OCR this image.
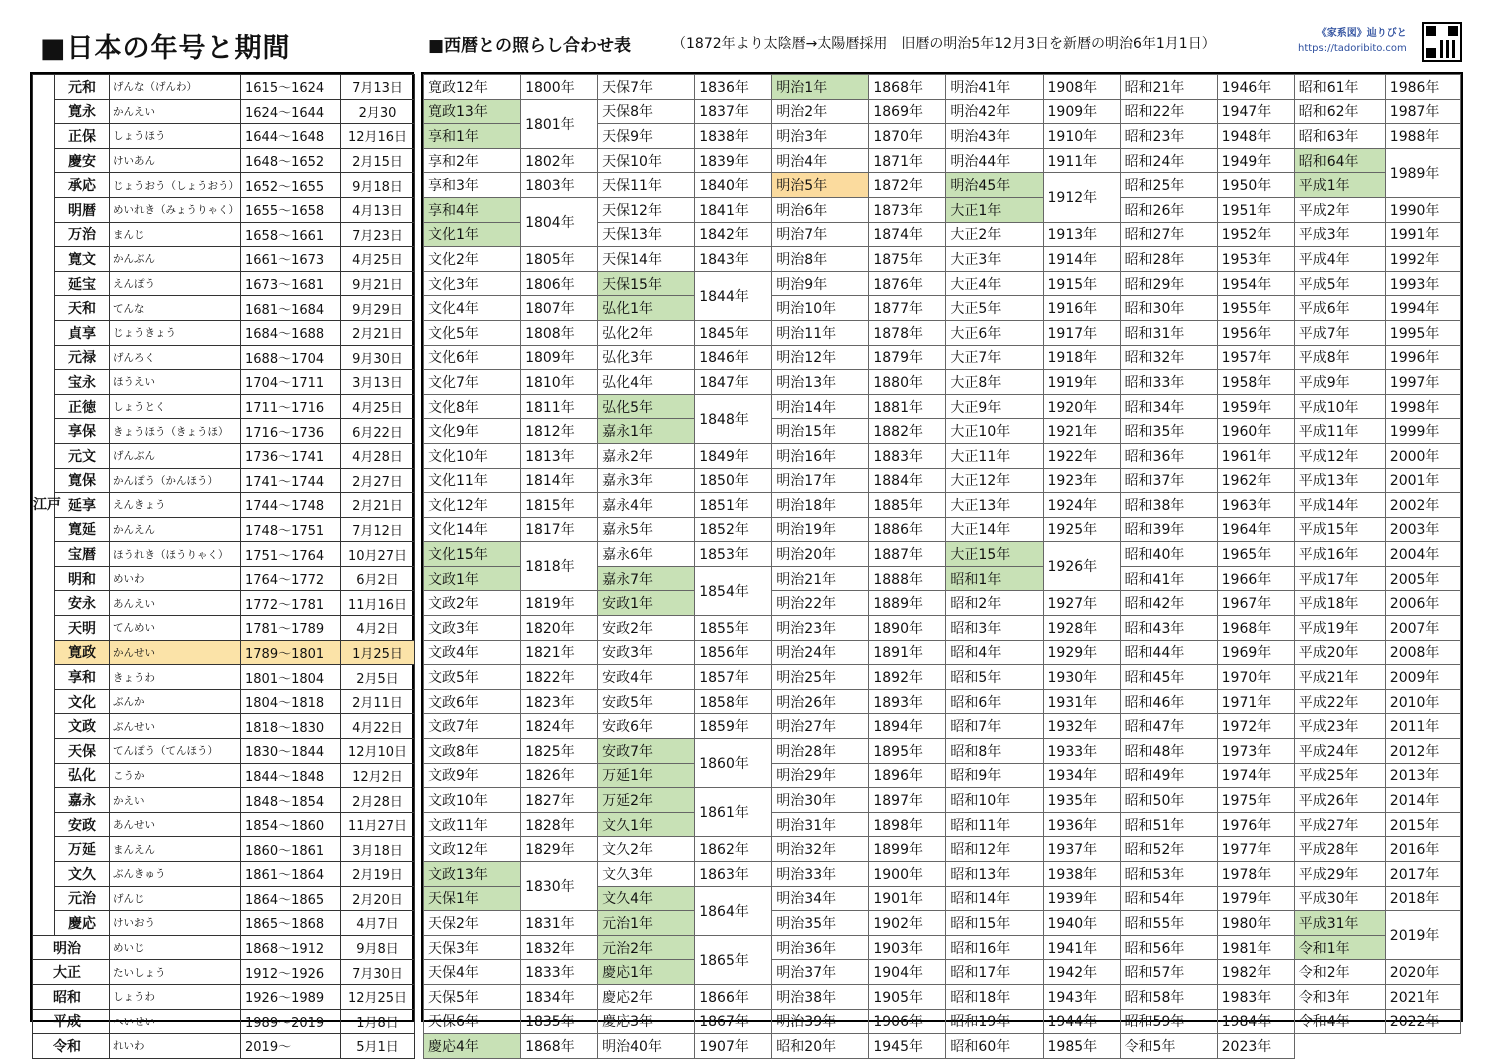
■日本の年号と期間	■西暦との照らし合わせ表	（1872年より太陰暦→太陽暦採用　旧暦の明治5年12月3日を新暦の明治6年1月1日）
《家系図》辿りびと
https://tadoribito.com
江戸	元和	げんな（げんわ）	1615～1624	7月13日
	寛永	かんえい	1624～1644	2月30
	正保	しょうほう	1644～1648	12月16日
	慶安	けいあん	1648～1652	2月15日
	承応	じょうおう（しょうおう）	1652～1655	9月18日
	明暦	めいれき（みょうりゃく）	1655～1658	4月13日
	万治	まんじ	1658～1661	7月23日
	寛文	かんぶん	1661～1673	4月25日
	延宝	えんぽう	1673～1681	9月21日
	天和	てんな	1681～1684	9月29日
	貞享	じょうきょう	1684～1688	2月21日
	元禄	げんろく	1688～1704	9月30日
	宝永	ほうえい	1704～1711	3月13日
	正徳	しょうとく	1711～1716	4月25日
	享保	きょうほう（きょうほ）	1716～1736	6月22日
	元文	げんぶん	1736～1741	4月28日
	寛保	かんぽう（かんほう）	1741～1744	2月27日
	延享	えんきょう	1744～1748	2月21日
	寛延	かんえん	1748～1751	7月12日
	宝暦	ほうれき（ほうりゃく）	1751～1764	10月27日
	明和	めいわ	1764～1772	6月2日
	安永	あんえい	1772～1781	11月16日
	天明	てんめい	1781～1789	4月2日
	寛政	かんせい	1789～1801	1月25日
	享和	きょうわ	1801～1804	2月5日
	文化	ぶんか	1804～1818	2月11日
	文政	ぶんせい	1818～1830	4月22日
	天保	てんぽう（てんほう）	1830～1844	12月10日
	弘化	こうか	1844～1848	12月2日
	嘉永	かえい	1848～1854	2月28日
	安政	あんせい	1854～1860	11月27日
	万延	まんえん	1860～1861	3月18日
	文久	ぶんきゅう	1861～1864	2月19日
	元治	げんじ	1864～1865	2月20日
	慶応	けいおう	1865～1868	4月7日
明治		めいじ	1868～1912	9月8日
大正		たいしょう	1912～1926	7月30日
昭和		しょうわ	1926～1989	12月25日
平成		へいせい	1989～2019	1月8日
令和		れいわ	2019～	5月1日
寛政12年	1800年	天保7年	1836年	明治1年	1868年	明治41年	1908年	昭和21年	1946年	昭和61年	1986年
寛政13年	1801年	天保8年	1837年	明治2年	1869年	明治42年	1909年	昭和22年	1947年	昭和62年	1987年
享和1年		天保9年	1838年	明治3年	1870年	明治43年	1910年	昭和23年	1948年	昭和63年	1988年
享和2年	1802年	天保10年	1839年	明治4年	1871年	明治44年	1911年	昭和24年	1949年	昭和64年	1989年
享和3年	1803年	天保11年	1840年	明治5年	1872年	明治45年	1912年	昭和25年	1950年	平成1年	
享和4年	1804年	天保12年	1841年	明治6年	1873年	大正1年		昭和26年	1951年	平成2年	1990年
文化1年		天保13年	1842年	明治7年	1874年	大正2年	1913年	昭和27年	1952年	平成3年	1991年
文化2年	1805年	天保14年	1843年	明治8年	1875年	大正3年	1914年	昭和28年	1953年	平成4年	1992年
文化3年	1806年	天保15年	1844年	明治9年	1876年	大正4年	1915年	昭和29年	1954年	平成5年	1993年
文化4年	1807年	弘化1年		明治10年	1877年	大正5年	1916年	昭和30年	1955年	平成6年	1994年
文化5年	1808年	弘化2年	1845年	明治11年	1878年	大正6年	1917年	昭和31年	1956年	平成7年	1995年
文化6年	1809年	弘化3年	1846年	明治12年	1879年	大正7年	1918年	昭和32年	1957年	平成8年	1996年
文化7年	1810年	弘化4年	1847年	明治13年	1880年	大正8年	1919年	昭和33年	1958年	平成9年	1997年
文化8年	1811年	弘化5年	1848年	明治14年	1881年	大正9年	1920年	昭和34年	1959年	平成10年	1998年
文化9年	1812年	嘉永1年		明治15年	1882年	大正10年	1921年	昭和35年	1960年	平成11年	1999年
文化10年	1813年	嘉永2年	1849年	明治16年	1883年	大正11年	1922年	昭和36年	1961年	平成12年	2000年
文化11年	1814年	嘉永3年	1850年	明治17年	1884年	大正12年	1923年	昭和37年	1962年	平成13年	2001年
文化12年	1815年	嘉永4年	1851年	明治18年	1885年	大正13年	1924年	昭和38年	1963年	平成14年	2002年
文化14年	1817年	嘉永5年	1852年	明治19年	1886年	大正14年	1925年	昭和39年	1964年	平成15年	2003年
文化15年	1818年	嘉永6年	1853年	明治20年	1887年	大正15年	1926年	昭和40年	1965年	平成16年	2004年
文政1年		嘉永7年	1854年	明治21年	1888年	昭和1年		昭和41年	1966年	平成17年	2005年
文政2年	1819年	安政1年		明治22年	1889年	昭和2年	1927年	昭和42年	1967年	平成18年	2006年
文政3年	1820年	安政2年	1855年	明治23年	1890年	昭和3年	1928年	昭和43年	1968年	平成19年	2007年
文政4年	1821年	安政3年	1856年	明治24年	1891年	昭和4年	1929年	昭和44年	1969年	平成20年	2008年
文政5年	1822年	安政4年	1857年	明治25年	1892年	昭和5年	1930年	昭和45年	1970年	平成21年	2009年
文政6年	1823年	安政5年	1858年	明治26年	1893年	昭和6年	1931年	昭和46年	1971年	平成22年	2010年
文政7年	1824年	安政6年	1859年	明治27年	1894年	昭和7年	1932年	昭和47年	1972年	平成23年	2011年
文政8年	1825年	安政7年	1860年	明治28年	1895年	昭和8年	1933年	昭和48年	1973年	平成24年	2012年
文政9年	1826年	万延1年		明治29年	1896年	昭和9年	1934年	昭和49年	1974年	平成25年	2013年
文政10年	1827年	万延2年	1861年	明治30年	1897年	昭和10年	1935年	昭和50年	1975年	平成26年	2014年
文政11年	1828年	文久1年		明治31年	1898年	昭和11年	1936年	昭和51年	1976年	平成27年	2015年
文政12年	1829年	文久2年	1862年	明治32年	1899年	昭和12年	1937年	昭和52年	1977年	平成28年	2016年
文政13年	1830年	文久3年	1863年	明治33年	1900年	昭和13年	1938年	昭和53年	1978年	平成29年	2017年
天保1年		文久4年	1864年	明治34年	1901年	昭和14年	1939年	昭和54年	1979年	平成30年	2018年
天保2年	1831年	元治1年		明治35年	1902年	昭和15年	1940年	昭和55年	1980年	平成31年	2019年
天保3年	1832年	元治2年	1865年	明治36年	1903年	昭和16年	1941年	昭和56年	1981年	令和1年	
天保4年	1833年	慶応1年		明治37年	1904年	昭和17年	1942年	昭和57年	1982年	令和2年	2020年
天保5年	1834年	慶応2年	1866年	明治38年	1905年	昭和18年	1943年	昭和58年	1983年	令和3年	2021年
天保6年	1835年	慶応3年	1867年	明治39年	1906年	昭和19年	1944年	昭和59年	1984年	令和4年	2022年
慶応4年	1868年	明治40年	1907年	昭和20年	1945年	昭和60年	1985年	令和5年	2023年		
